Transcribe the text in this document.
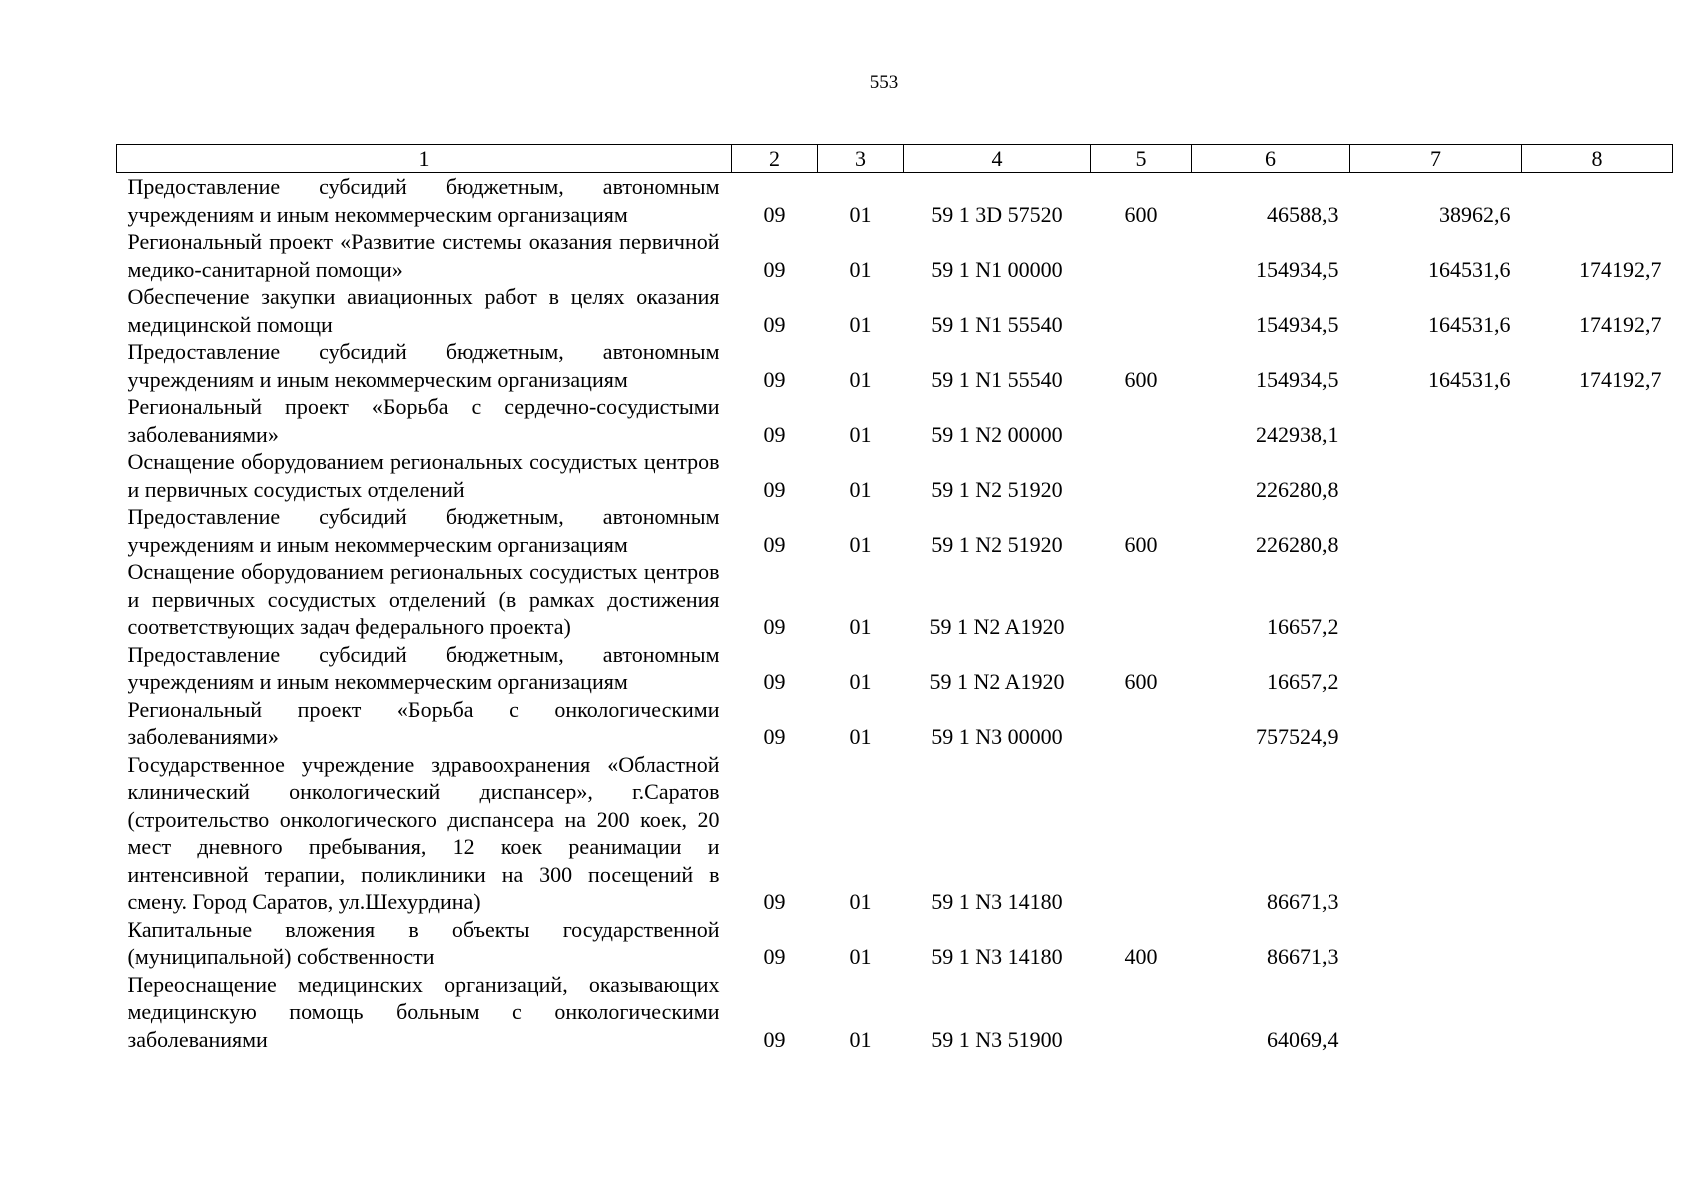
553
1	2	3	4	5	6	7	8
Предоставление субсидий бюджетным, автономным учреждениям и иным некоммерческим организациям	09	01	59 1 3D 57520	600	46588,3	38962,6	
Региональный проект «Развитие системы оказания первичной медико-санитарной помощи»	09	01	59 1 N1 00000		154934,5	164531,6	174192,7
Обеспечение закупки авиационных работ в целях оказания медицинской помощи	09	01	59 1 N1 55540		154934,5	164531,6	174192,7
Предоставление субсидий бюджетным, автономным учреждениям и иным некоммерческим организациям	09	01	59 1 N1 55540	600	154934,5	164531,6	174192,7
Региональный проект «Борьба с сердечно-сосудистыми заболеваниями»	09	01	59 1 N2 00000		242938,1		
Оснащение оборудованием региональных сосудистых центров и первичных сосудистых отделений	09	01	59 1 N2 51920		226280,8		
Предоставление субсидий бюджетным, автономным учреждениям и иным некоммерческим организациям	09	01	59 1 N2 51920	600	226280,8		
Оснащение оборудованием региональных сосудистых центров и первичных сосудистых отделений (в рамках достижения соответствующих задач федерального проекта)	09	01	59 1 N2 A1920		16657,2		
Предоставление субсидий бюджетным, автономным учреждениям и иным некоммерческим организациям	09	01	59 1 N2 A1920	600	16657,2		
Региональный проект «Борьба с онкологическими заболеваниями»	09	01	59 1 N3 00000		757524,9		
Государственное учреждение здравоохранения «Областной клинический онкологический диспансер», г.Саратов (строительство онкологического диспансера на 200 коек, 20 мест дневного пребывания, 12 коек реанимации и интенсивной терапии, поликлиники на 300 посещений в смену. Город Саратов, ул.Шехурдина)	09	01	59 1 N3 14180		86671,3		
Капитальные вложения в объекты государственной (муниципальной) собственности	09	01	59 1 N3 14180	400	86671,3		
Переоснащение медицинских организаций, оказывающих медицинскую помощь больным с онкологическими заболеваниями	09	01	59 1 N3 51900		64069,4		
